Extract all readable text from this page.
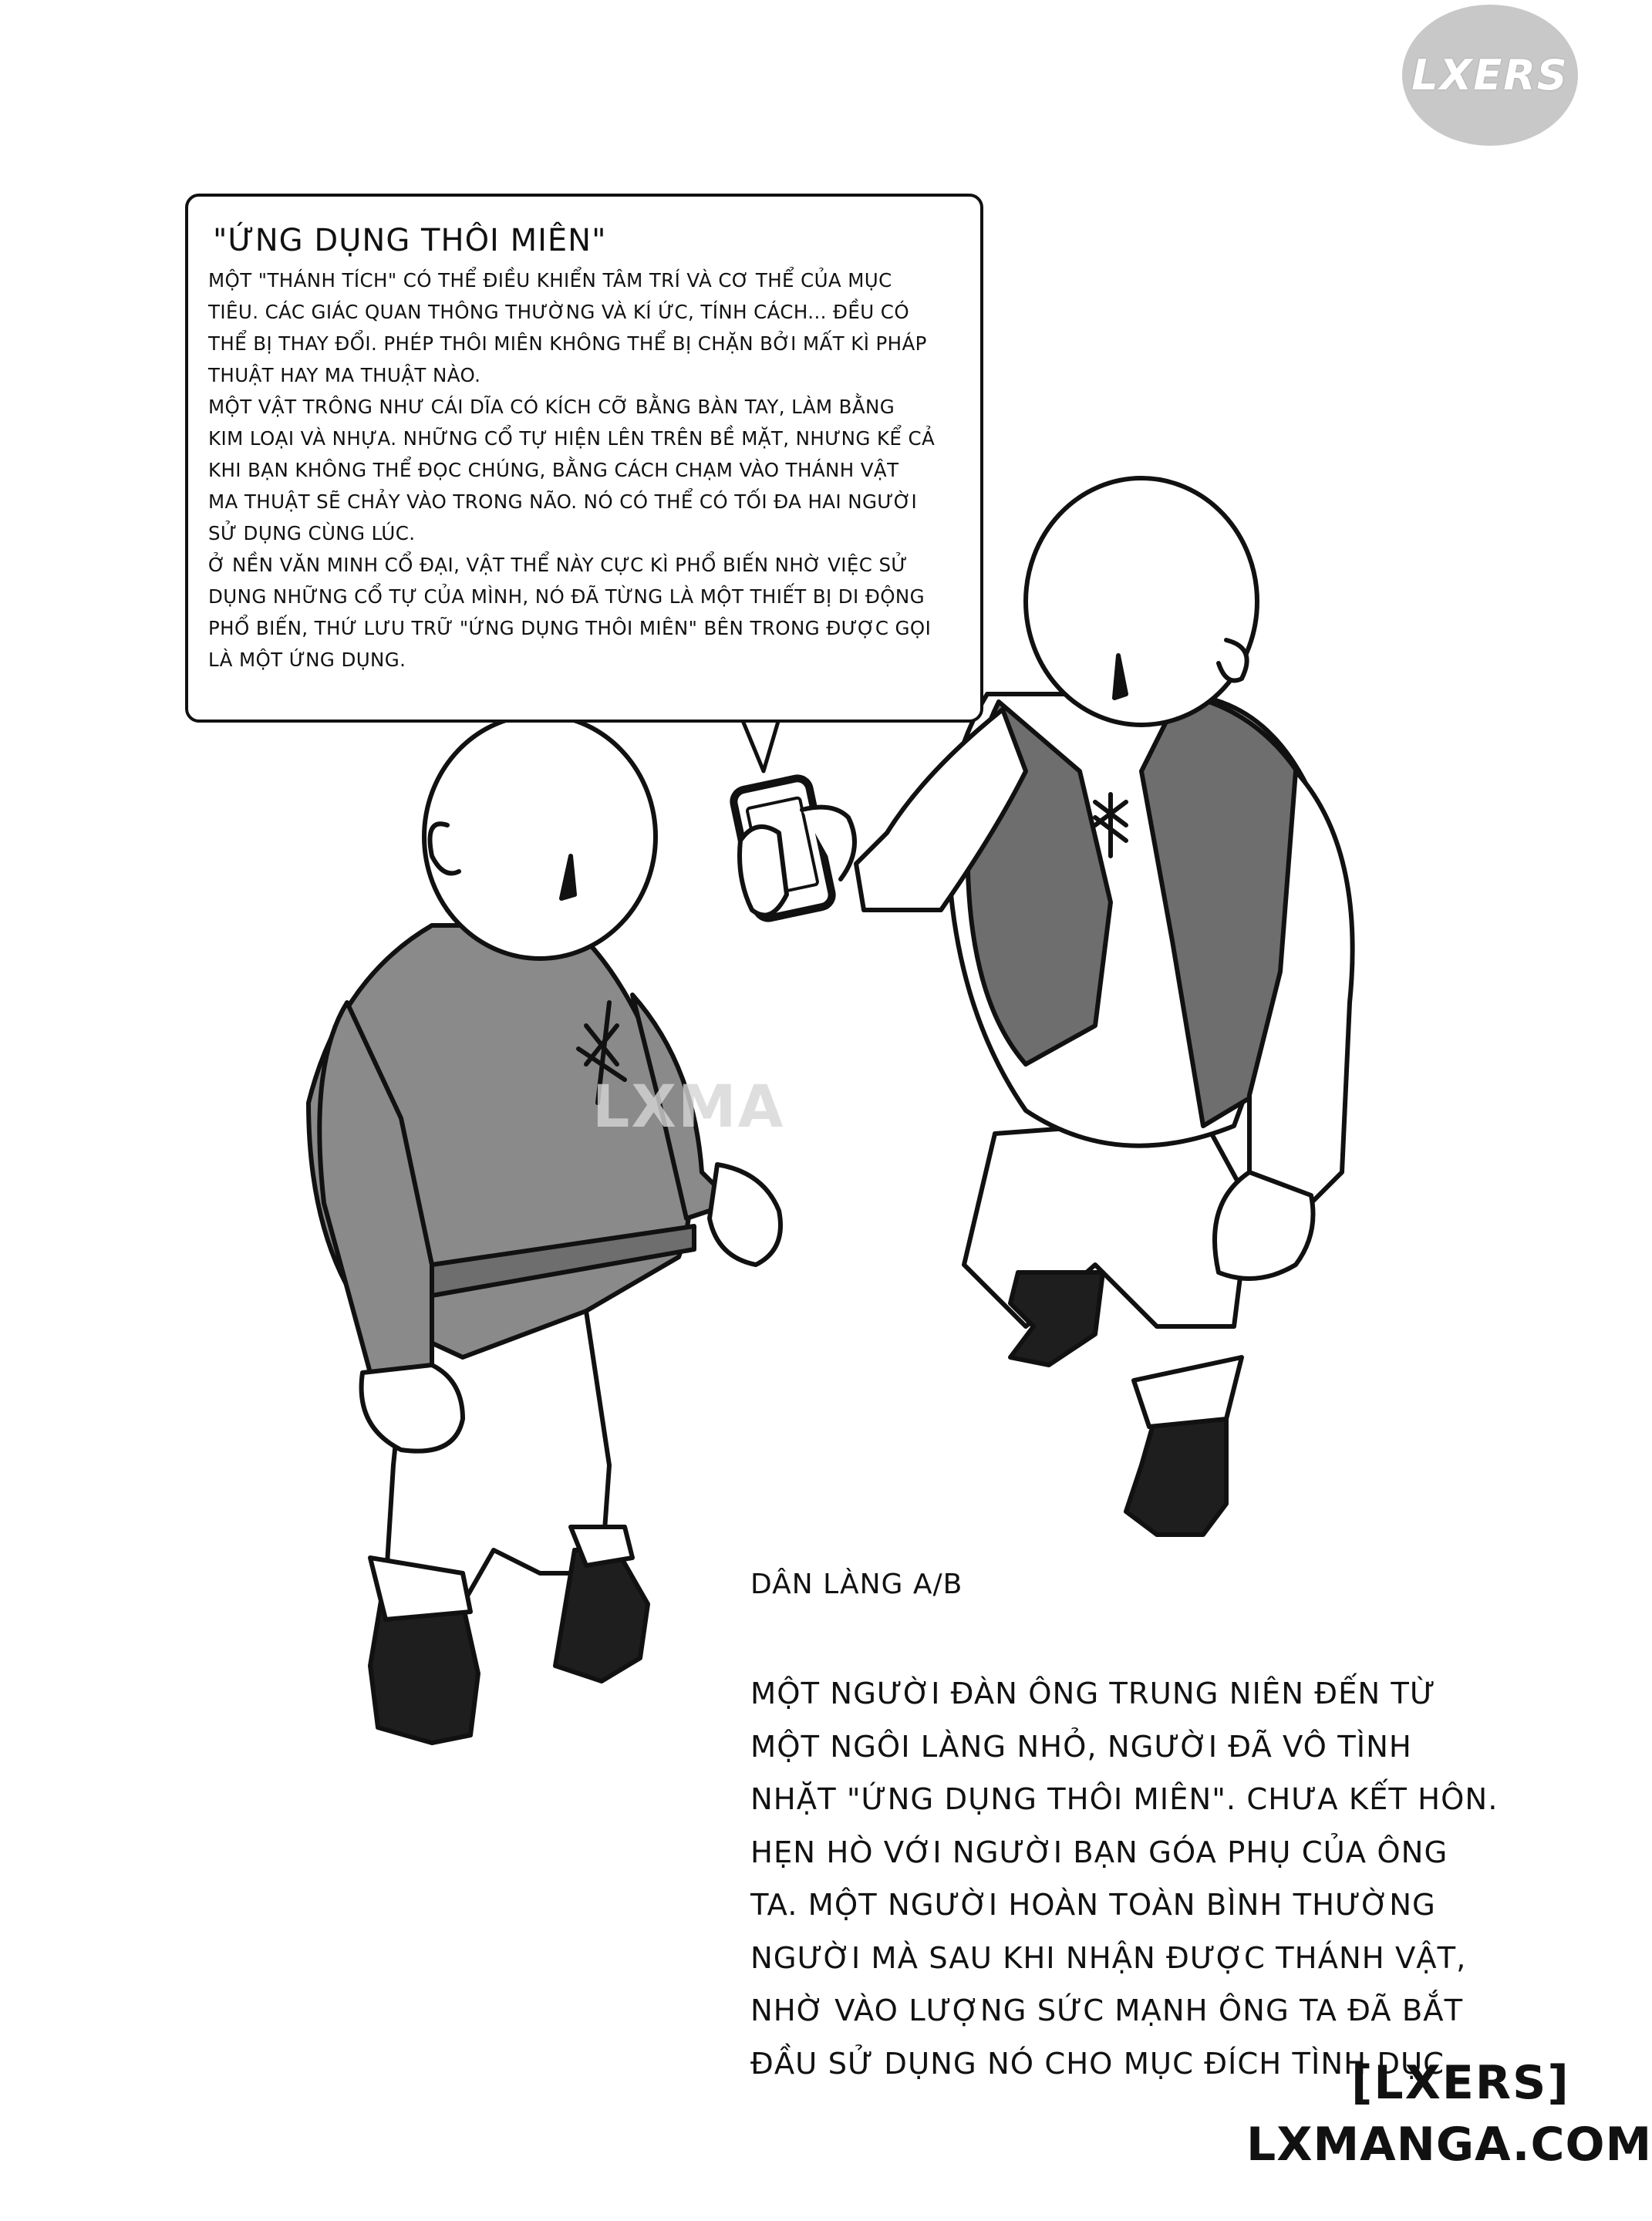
LXERS
"ỨNG DỤNG THÔI MIÊN"

MỘT "THÁNH TÍCH" CÓ THỂ ĐIỀU KHIỂN TÂM TRÍ VÀ CƠ THỂ CỦA MỤC

TIÊU. CÁC GIÁC QUAN THÔNG THƯỜNG VÀ KÍ ỨC, TÍNH CÁCH... ĐỀU CÓ

THỂ BỊ THAY ĐỔI. PHÉP THÔI MIÊN KHÔNG THỂ BỊ CHẶN BỞI MẤT KÌ PHÁP

THUẬT HAY MA THUẬT NÀO.

MỘT VẬT TRÔNG NHƯ CÁI DĨA CÓ KÍCH CỠ BẰNG BÀN TAY, LÀM BẰNG

KIM LOẠI VÀ NHỰA. NHỮNG CỔ TỰ HIỆN LÊN TRÊN BỀ MẶT, NHƯNG KỂ CẢ

KHI BẠN KHÔNG THỂ ĐỌC CHÚNG, BẰNG CÁCH CHẠM VÀO THÁNH VẬT

MA THUẬT SẼ CHẢY VÀO TRONG NÃO. NÓ CÓ THỂ CÓ TỐI ĐA HAI NGƯỜI

SỬ DỤNG CÙNG LÚC.

Ở NỀN VĂN MINH CỔ ĐẠI, VẬT THỂ NÀY CỰC KÌ PHỔ BIẾN NHỜ VIỆC SỬ

DỤNG NHỮNG CỔ TỰ CỦA MÌNH, NÓ ĐÃ TỪNG LÀ MỘT THIẾT BỊ DI ĐỘNG

PHỔ BIẾN, THỨ LƯU TRỮ "ỨNG DỤNG THÔI MIÊN" BÊN TRONG ĐƯỢC GỌI

LÀ MỘT ỨNG DỤNG.

LXMA
DÂN LÀNG A/B
MỘT NGƯỜI ĐÀN ÔNG TRUNG NIÊN ĐẾN TỪ
MỘT NGÔI LÀNG NHỎ, NGƯỜI ĐÃ VÔ TÌNH
NHẶT "ỨNG DỤNG THÔI MIÊN". CHƯA KẾT HÔN.
HẸN HÒ VỚI NGƯỜI BẠN GÓA PHỤ CỦA ÔNG
TA. MỘT NGƯỜI HOÀN TOÀN BÌNH THƯỜNG
NGƯỜI MÀ SAU KHI NHẬN ĐƯỢC THÁNH VẬT,
NHỜ VÀO LƯỢNG SỨC MẠNH ÔNG TA ĐÃ BẮT
ĐẦU SỬ DỤNG NÓ CHO MỤC ĐÍCH TÌNH DỤC.
[LXERS]
LXMANGA.COM
